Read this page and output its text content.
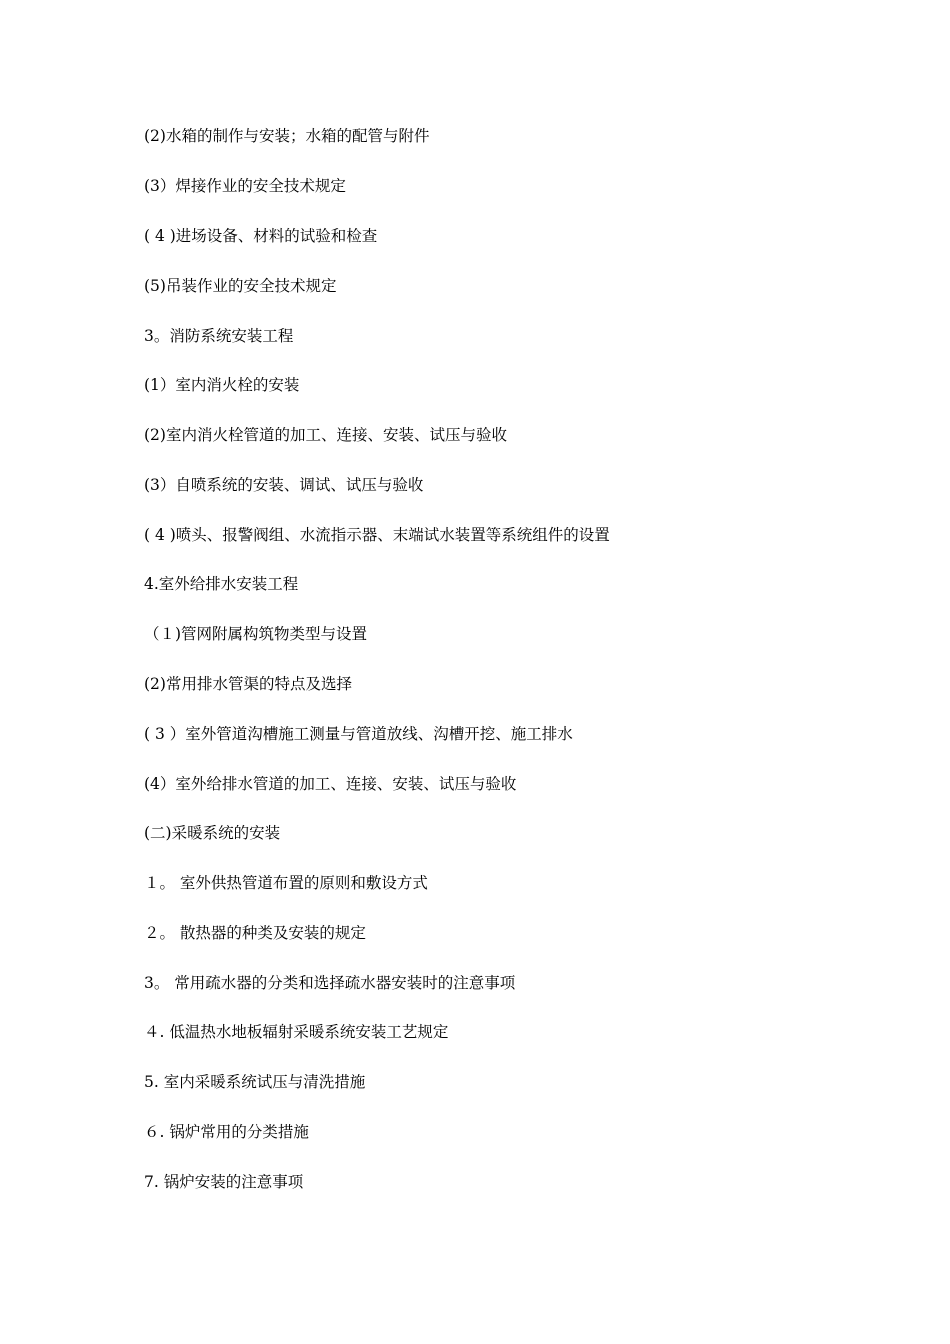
(2)水箱的制作与安装；水箱的配管与附件
(3）焊接作业的安全技术规定
( 4 )进场设备、材料的试验和检查
(5)吊装作业的安全技术规定
3。消防系统安装工程
(1）室内消火栓的安装
(2)室内消火栓管道的加工、连接、安装、试压与验收
(3）自喷系统的安装、调试、试压与验收
( 4 )喷头、报警阀组、水流指示器、末端试水装置等系统组件的设置
4.室外给排水安装工程
（１)管网附属构筑物类型与设置
(2)常用排水管渠的特点及选择
( 3 ）室外管道沟槽施工测量与管道放线、沟槽开挖、施工排水
(4）室外给排水管道的加工、连接、安装、试压与验收
(二)采暖系统的安装
１。 室外供热管道布置的原则和敷设方式
２。 散热器的种类及安装的规定
3。 常用疏水器的分类和选择疏水器安装时的注意事项
４. 低温热水地板辐射采暖系统安装工艺规定
5. 室内采暖系统试压与清洗措施
６. 锅炉常用的分类措施
7. 锅炉安装的注意事项
